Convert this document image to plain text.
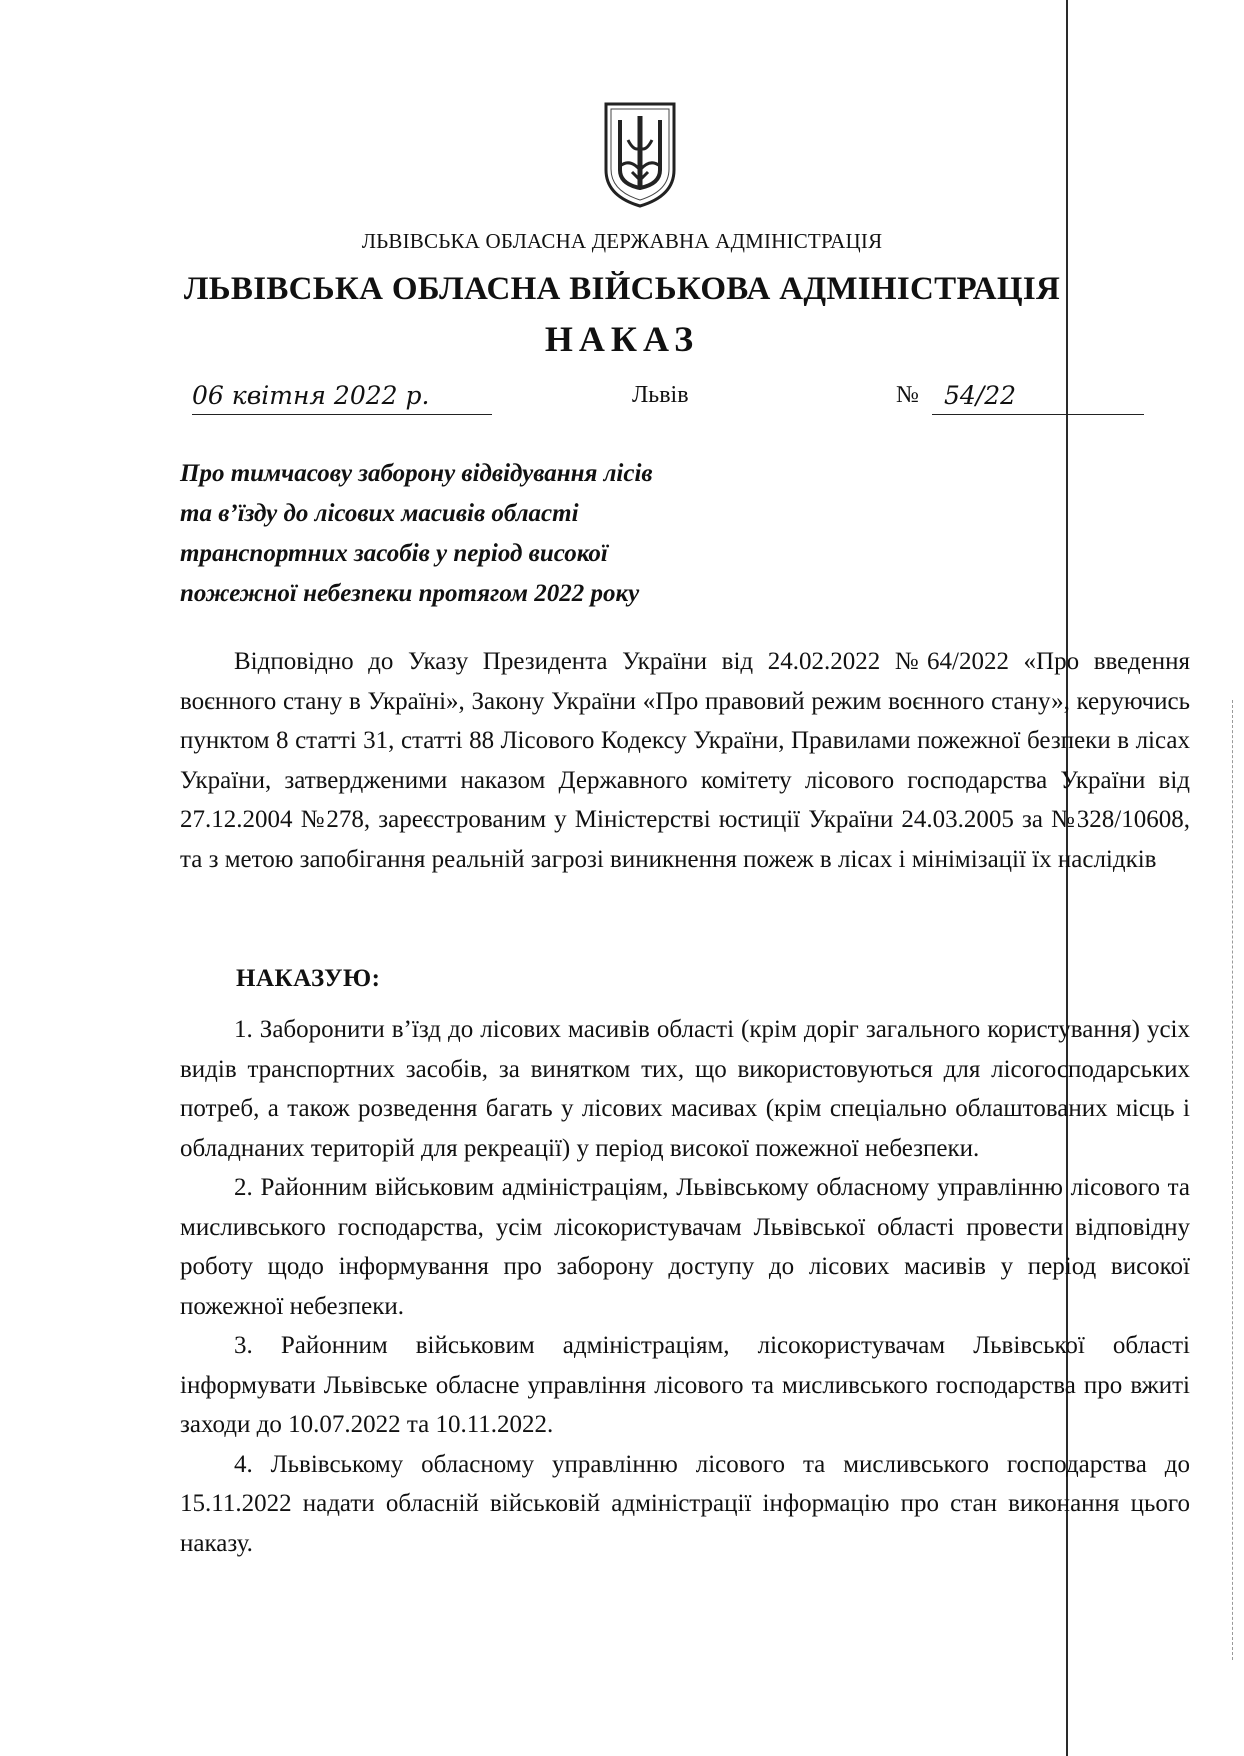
ЛЬВІВСЬКА ОБЛАСНА ДЕРЖАВНА АДМІНІСТРАЦІЯ
ЛЬВІВСЬКА ОБЛАСНА ВІЙСЬКОВА АДМІНІСТРАЦІЯ
НАКАЗ
06 квітня 2022 р.	Львів	№	54/22
Про тимчасову заборону відвідування лісів
та в’їзду до лісових масивів області
транспортних засобів у період високої
пожежної небезпеки протягом 2022 року
Відповідно до Указу Президента України від 24.02.2022 №64/2022 «Про введення воєнного стану в Україні», Закону України «Про правовий режим воєнного стану», керуючись пунктом 8 статті 31, статті 88 Лісового Кодексу України, Правилами пожежної безпеки в лісах України, затвердженими наказом Державного комітету лісового господарства України від 27.12.2004 №278, зареєстрованим у Міністерстві юстиції України 24.03.2005 за №328/10608, та з метою запобігання реальній загрозі виникнення пожеж в лісах і мінімізації їх наслідків
НАКАЗУЮ:

1. Заборонити в’їзд до лісових масивів області (крім доріг загального користування) усіх видів транспортних засобів, за винятком тих, що використовуються для лісогосподарських потреб, а також розведення багать у лісових масивах (крім спеціально облаштованих місць і обладнаних територій для рекреації) у період високої пожежної небезпеки.

2. Районним військовим адміністраціям, Львівському обласному управлінню лісового та мисливського господарства, усім лісокористувачам Львівської області провести відповідну роботу щодо інформування про заборону доступу до лісових масивів у період високої пожежної небезпеки.

3. Районним військовим адміністраціям, лісокористувачам Львівської області інформувати Львівське обласне управління лісового та мисливського господарства про вжиті заходи до 10.07.2022 та 10.11.2022.

4. Львівському обласному управлінню лісового та мисливського господарства до 15.11.2022 надати обласній військовій адміністрації інформацію про стан виконання цього наказу.
